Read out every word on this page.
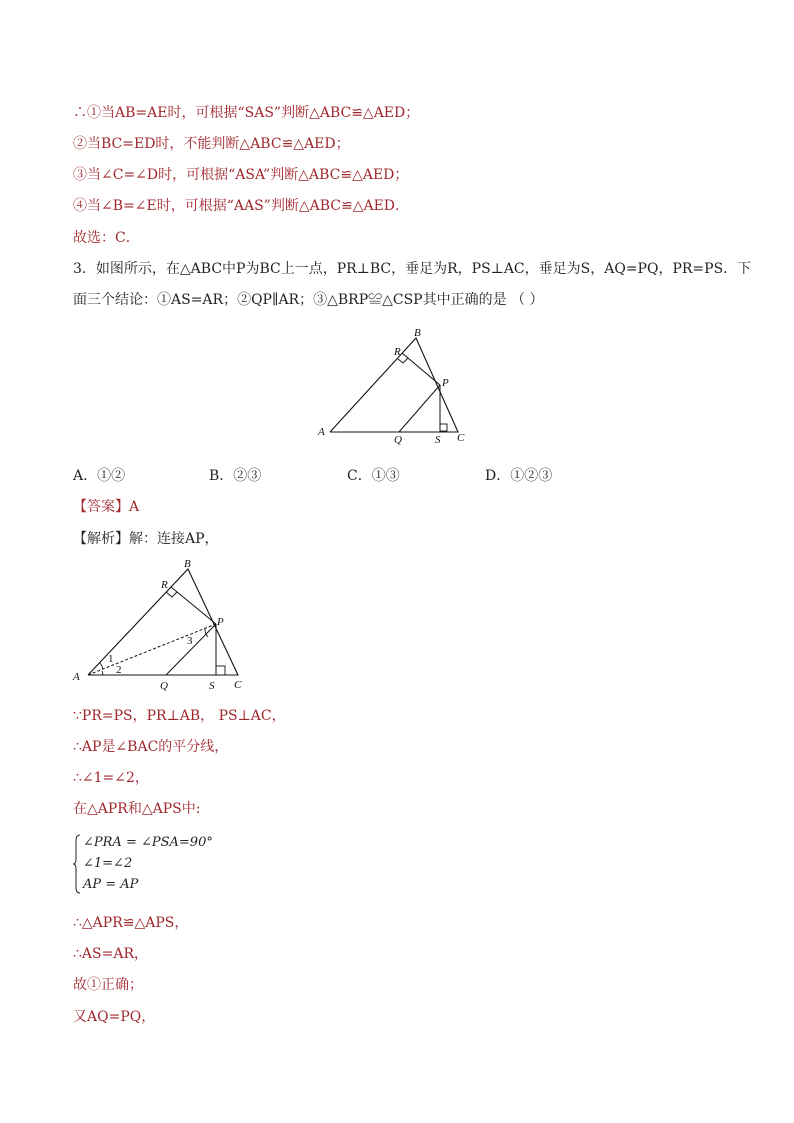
∴①当AB=AE时，可根据“SAS”判断△ABC≌△AED；
②当BC=ED时，不能判断△ABC≌△AED；
③当∠C=∠D时，可根据“ASA”判断△ABC≌△AED；
④当∠B=∠E时，可根据“AAS”判断△ABC≌△AED．
故选：C．
3．如图所示，在△ABC中P为BC上一点，PR⊥BC，垂足为R，PS⊥AC，垂足为S，AQ=PQ，PR=PS．下
面三个结论：①AS=AR；②QP∥AR；③△BRP≌△CSP其中正确的是 （ ）
A
B
C
P
Q
R
S
A．①②	B．②③	C．①③	D．①②③
【答案】A
【解析】解：连接AP，
A
B
C
P
Q
R
S
1
2
3
∵PR=PS，PR⊥AB， PS⊥AC，
∴AP是∠BAC的平分线，
∴∠1=∠2，
在△APR和△APS中:
∠PRA = ∠PSA=90°
∠1=∠2
AP = AP
∴△APR≌△APS，
∴AS=AR，
故①正确；
又AQ=PQ，
